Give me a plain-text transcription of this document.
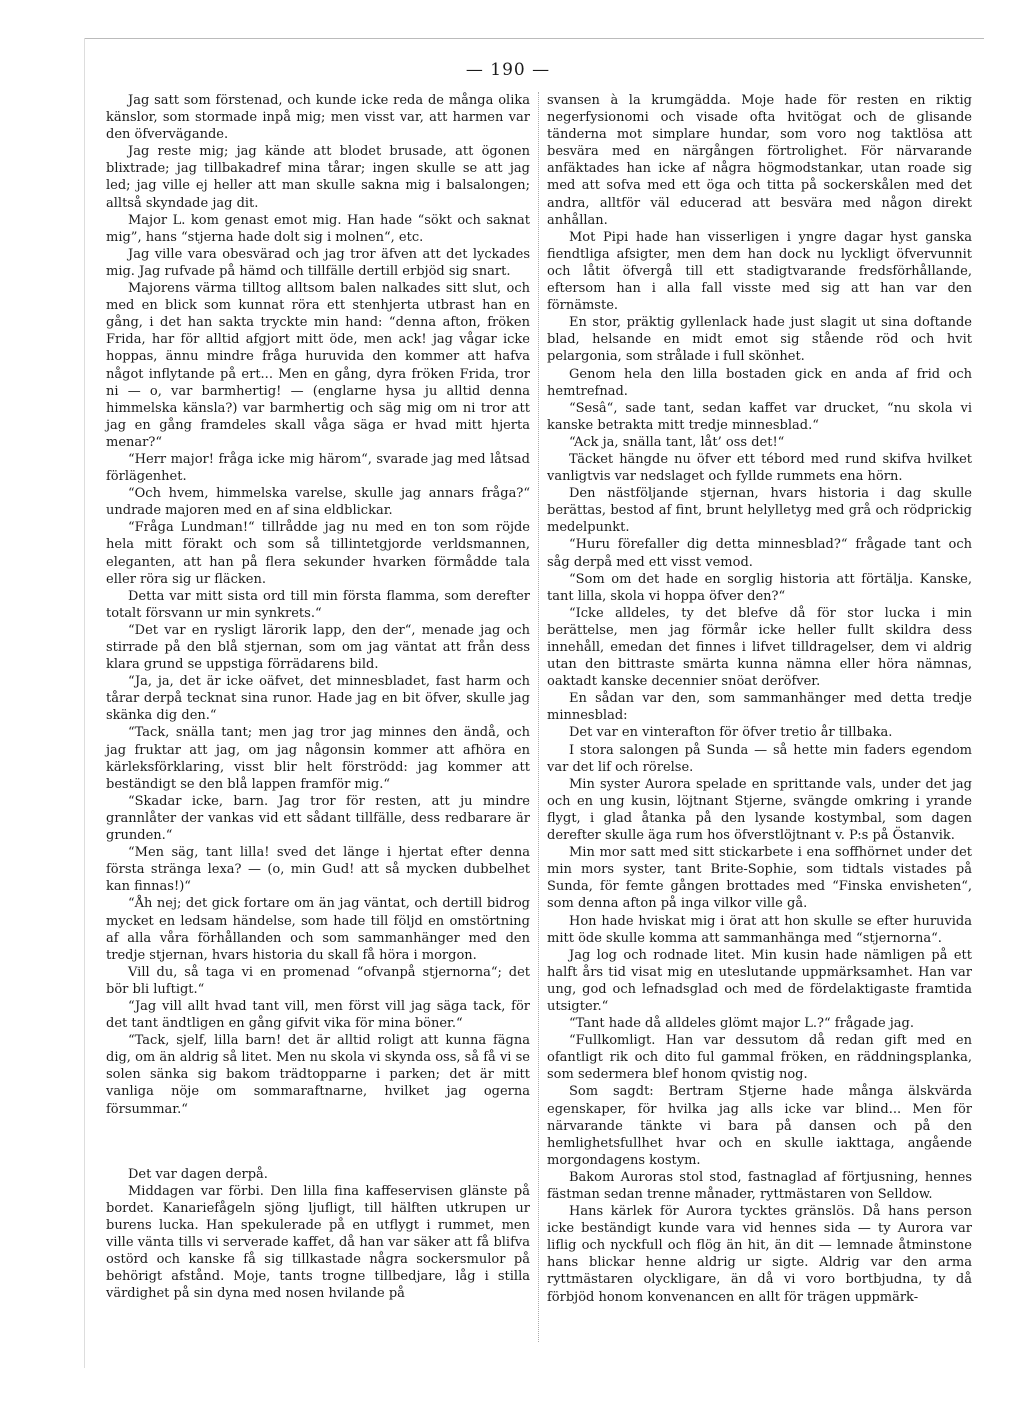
— 190 —

Jag satt som förstenad, och kunde icke reda de många olika känslor, som stormade inpå mig; men visst var, att harmen var den öfvervägande.

Jag reste mig; jag kände att blodet brusade, att ögonen blixtrade; jag tillbakadref mina tårar; ingen skulle se att jag led; jag ville ej heller att man skulle sakna mig i balsalongen; alltså skyndade jag dit.

Major L. kom genast emot mig. Han hade “sökt och saknat mig”, hans “stjerna hade dolt sig i molnen“, etc.

Jag ville vara obesvärad och jag tror äfven att det lyckades mig. Jag rufvade på hämd och tillfälle dertill erbjöd sig snart.

Majorens värma tilltog alltsom balen nalkades sitt slut, och med en blick som kunnat röra ett stenhjerta utbrast han en gång, i det han sakta tryckte min hand: “denna afton, fröken Frida, har för alltid afgjort mitt öde, men ack! jag vågar icke hoppas, ännu mindre fråga huruvida den kommer att hafva något inflytande på ert... Men en gång, dyra fröken Frida, tror ni — o, var barmhertig! — (englarne hysa ju alltid denna himmelska känsla?) var barmhertig och säg mig om ni tror att jag en gång framdeles skall våga säga er hvad mitt hjerta menar?“

“Herr major! fråga icke mig härom“, svarade jag med låtsad förlägenhet.

“Och hvem, himmelska varelse, skulle jag annars fråga?“ undrade majoren med en af sina eldblickar.

“Fråga Lundman!“ tillrådde jag nu med en ton som röjde hela mitt förakt och som så tillintetgjorde verldsmannen, eleganten, att han på flera sekunder hvarken förmådde tala eller röra sig ur fläcken.

Detta var mitt sista ord till min första flamma, som derefter totalt försvann ur min synkrets.“

“Det var en rysligt lärorik lapp, den der“, menade jag och stirrade på den blå stjernan, som om jag väntat att från dess klara grund se uppstiga förrädarens bild.

“Ja, ja, det är icke oäfvet, det minnesbladet, fast harm och tårar derpå tecknat sina runor. Hade jag en bit öfver, skulle jag skänka dig den.“

“Tack, snälla tant; men jag tror jag minnes den ändå, och jag fruktar att jag, om jag någonsin kommer att afhöra en kärleksförklaring, visst blir helt förströdd: jag kommer att beständigt se den blå lappen framför mig.“

“Skadar icke, barn. Jag tror för resten, att ju mindre grannlåter der vankas vid ett sådant tillfälle, dess redbarare är grunden.“

“Men säg, tant lilla! sved det länge i hjertat efter denna första stränga lexa? — (o, min Gud! att så mycken dubbelhet kan finnas!)“

“Åh nej; det gick fortare om än jag väntat, och dertill bidrog mycket en ledsam händelse, som hade till följd en omstörtning af alla våra förhållanden och som sammanhänger med den tredje stjernan, hvars historia du skall få höra i morgon.

Vill du, så taga vi en promenad “ofvanpå stjernorna“; det bör bli luftigt.“

“Jag vill allt hvad tant vill, men först vill jag säga tack, för det tant ändtligen en gång gifvit vika för mina böner.“

“Tack, sjelf, lilla barn! det är alltid roligt att kunna fägna dig, om än aldrig så litet. Men nu skola vi skynda oss, så få vi se solen sänka sig bakom trädtopparne i parken; det är mitt vanliga nöje om sommaraftnarne, hvilket jag ogerna försummar.“

Det var dagen derpå.

Middagen var förbi. Den lilla fina kaffeservisen glänste på bordet. Kanariefågeln sjöng ljufligt, till hälften utkrupen ur burens lucka. Han spekulerade på en utflygt i rummet, men ville vänta tills vi serverade kaffet, då han var säker att få blifva ostörd och kanske få sig tillkastade några sockersmulor på behörigt afstånd. Moje, tants trogne tillbedjare, låg i stilla värdighet på sin dyna med nosen hvilande på

svansen à la krumgädda. Moje hade för resten en riktig negerfysionomi och visade ofta hvitögat och de glisande tänderna mot simplare hundar, som voro nog taktlösa att besvära med en närgången förtrolighet. För närvarande anfäktades han icke af några högmodstankar, utan roade sig med att sofva med ett öga och titta på sockerskålen med det andra, alltför väl educerad att besvära med någon direkt anhållan.

Mot Pipi hade han visserligen i yngre dagar hyst ganska fiendtliga afsigter, men dem han dock nu lyckligt öfvervunnit och låtit öfvergå till ett stadigtvarande fredsförhållande, eftersom han i alla fall visste med sig att han var den förnämste.

En stor, präktig gyllenlack hade just slagit ut sina doftande blad, helsande en midt emot sig stående röd och hvit pelargonia, som strålade i full skönhet.

Genom hela den lilla bostaden gick en anda af frid och hemtrefnad.

“Sesâ“, sade tant, sedan kaffet var drucket, “nu skola vi kanske betrakta mitt tredje minnesblad.“

“Ack ja, snälla tant, låt’ oss det!“

Täcket hängde nu öfver ett tébord med rund skifva hvilket vanligtvis var nedslaget och fyllde rummets ena hörn.

Den nästföljande stjernan, hvars historia i dag skulle berättas, bestod af fint, brunt helylletyg med grå och rödprickig medelpunkt.

“Huru förefaller dig detta minnesblad?“ frågade tant och såg derpå med ett visst vemod.

“Som om det hade en sorglig historia att förtälja. Kanske, tant lilla, skola vi hoppa öfver den?“

“Icke alldeles, ty det blefve då för stor lucka i min berättelse, men jag förmår icke heller fullt skildra dess innehåll, emedan det finnes i lifvet tilldragelser, dem vi aldrig utan den bittraste smärta kunna nämna eller höra nämnas, oaktadt kanske decennier snöat deröfver.

En sådan var den, som sammanhänger med detta tredje minnesblad:

Det var en vinterafton för öfver tretio år tillbaka.

I stora salongen på Sunda — så hette min faders egendom var det lif och rörelse.

Min syster Aurora spelade en sprittande vals, under det jag och en ung kusin, löjtnant Stjerne, svängde omkring i yrande flygt, i glad åtanka på den lysande kostymbal, som dagen derefter skulle äga rum hos öfverstlöjtnant v. P:s på Östanvik.

Min mor satt med sitt stickarbete i ena soffhörnet under det min mors syster, tant Brite-Sophie, som tidtals vistades på Sunda, för femte gången brottades med “Finska envisheten“, som denna afton på inga vilkor ville gå.

Hon hade hviskat mig i örat att hon skulle se efter huruvida mitt öde skulle komma att sammanhänga med “stjernorna“.

Jag log och rodnade litet. Min kusin hade nämligen på ett halft års tid visat mig en uteslutande uppmärksamhet. Han var ung, god och lefnadsglad och med de fördelaktigaste framtida utsigter.“

“Tant hade då alldeles glömt major L.?“ frågade jag.

“Fullkomligt. Han var dessutom då redan gift med en ofantligt rik och dito ful gammal fröken, en räddningsplanka, som sedermera blef honom qvistig nog.

Som sagdt: Bertram Stjerne hade många älskvärda egenskaper, för hvilka jag alls icke var blind... Men för närvarande tänkte vi bara på dansen och på den hemlighetsfullhet hvar och en skulle iakttaga, angående morgondagens kostym.

Bakom Auroras stol stod, fastnaglad af förtjusning, hennes fästman sedan trenne månader, ryttmästaren von Selldow.

Hans kärlek för Aurora tycktes gränslös. Då hans person icke beständigt kunde vara vid hennes sida — ty Aurora var liflig och nyckfull och flög än hit, än dit — lemnade åtminstone hans blickar henne aldrig ur sigte. Aldrig var den arma ryttmästaren olyckligare, än då vi voro bortbjudna, ty då förbjöd honom konvenancen en allt för trägen uppmärk-
